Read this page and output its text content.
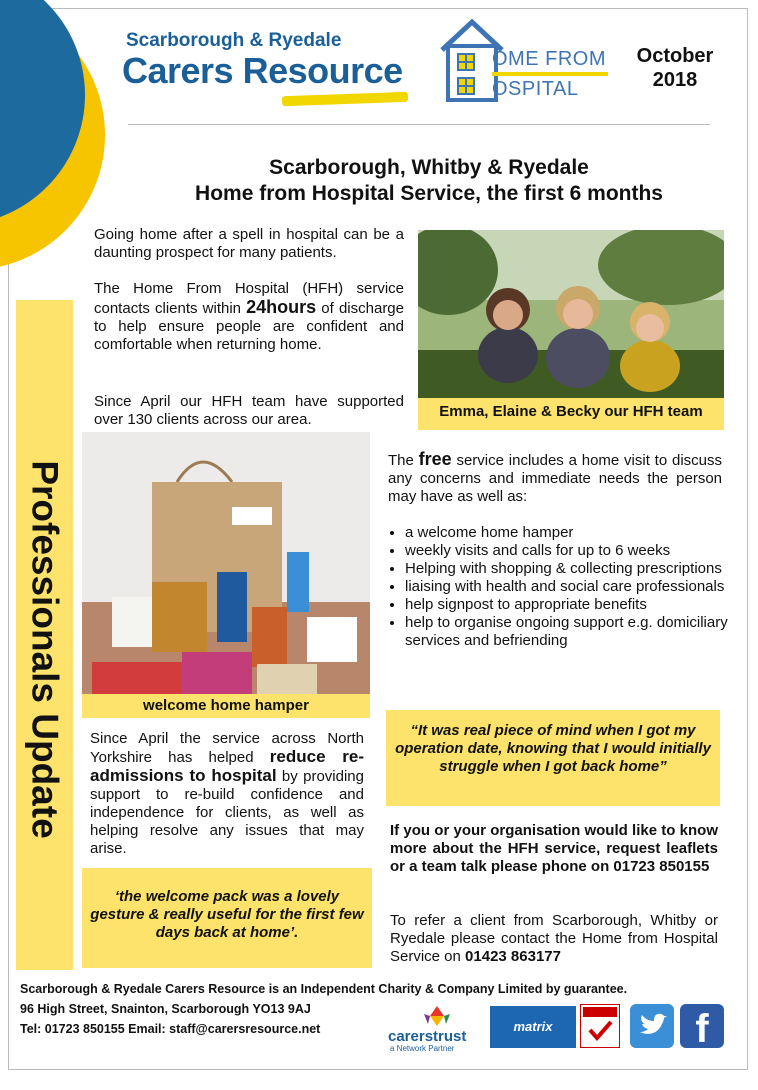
Scarborough & Ryedale
Carers Resource	OME FROM
OSPITAL
October
2018
Scarborough, Whitby & Ryedale
Home from Hospital Service, the first 6 months
Professionals Update
Going home after a spell in hospital can be a daunting prospect for many patients.
The Home From Hospital (HFH) service contacts clients within 24hours of discharge to help ensure people are confident and comfortable when returning home.
Since April our HFH team have supported over 130 clients across our area.	Emma, Elaine & Becky our HFH team
welcome home hamper
The free service includes a home visit to discuss any concerns and immediate needs the person may have as well as:
• a welcome home hamper
• weekly visits and calls for up to 6 weeks
• Helping with shopping & collecting prescriptions
• liaising with health and social care professionals
• help signpost to appropriate benefits
• help to organise ongoing support e.g. domiciliary services and befriending
“It was real piece of mind when I got my operation date, knowing that I would initially struggle when I got back home”
Since April the service across North Yorkshire has helped reduce re-admissions to hospital by providing support to re-build confidence and independence for clients, as well as helping resolve any issues that may arise.
‘the welcome pack was a lovely gesture & really useful for the first few days back at home’.
If you or your organisation would like to know more about the HFH service, request leaflets or a team talk please phone on 01723 850155
To refer a client from Scarborough, Whitby or Ryedale please contact the Home from Hospital Service on 01423 863177
Scarborough & Ryedale Carers Resource is an Independent Charity & Company Limited by guarantee.
96 High Street, Snainton, Scarborough YO13 9AJ
Tel: 01723 850155 Email: staff@carersresource.net	carerstrust
a Network Partner
matrix	f
